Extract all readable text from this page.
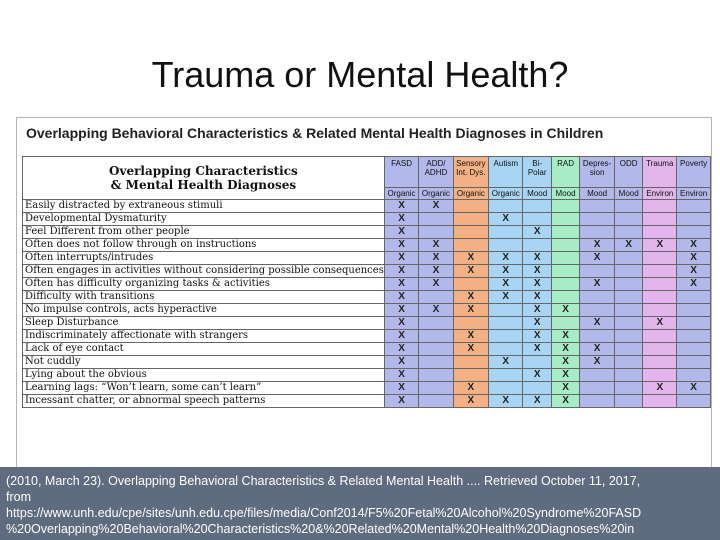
Trauma or Mental Health?
Overlapping Behavioral Characteristics & Related Mental Health Diagnoses in Children
Overlapping Characteristics
& Mental Health Diagnoses	FASD	ADD/ ADHD	Sensory Int. Dys.	Autism	Bi-Polar	RAD	Depres-sion	ODD	Trauma	Poverty
	Organic	Organic	Organic	Organic	Mood	Mood	Mood	Mood	Environ	Environ
Easily distracted by extraneous stimuli	X	X								
Developmental Dysmaturity	X			X						
Feel Different from other people	X				X					
Often does not follow through on instructions	X	X					X	X	X	X
Often interrupts/intrudes	X	X	X	X	X		X			X
Often engages in activities without considering possible consequences	X	X	X	X	X					X
Often has difficulty organizing tasks & activities	X	X		X	X		X			X
Difficulty with transitions	X		X	X	X					
No impulse controls, acts hyperactive	X	X	X		X	X				
Sleep Disturbance	X				X		X		X	
Indiscriminately affectionate with strangers	X		X		X	X				
Lack of eye contact	X		X		X	X	X			
Not cuddly	X			X		X	X			
Lying about the obvious	X				X	X				
Learning lags: “Won’t learn, some can’t learn”	X		X			X			X	X
Incessant chatter, or abnormal speech patterns	X		X	X	X	X				
(2010, March 23). Overlapping Behavioral Characteristics & Related Mental Health .... Retrieved October 11, 2017,
from
https://www.unh.edu/cpe/sites/unh.edu.cpe/files/media/Conf2014/F5%20Fetal%20Alcohol%20Syndrome%20FASD
%20Overlapping%20Behavioral%20Characteristics%20&%20Related%20Mental%20Health%20Diagnoses%20in
